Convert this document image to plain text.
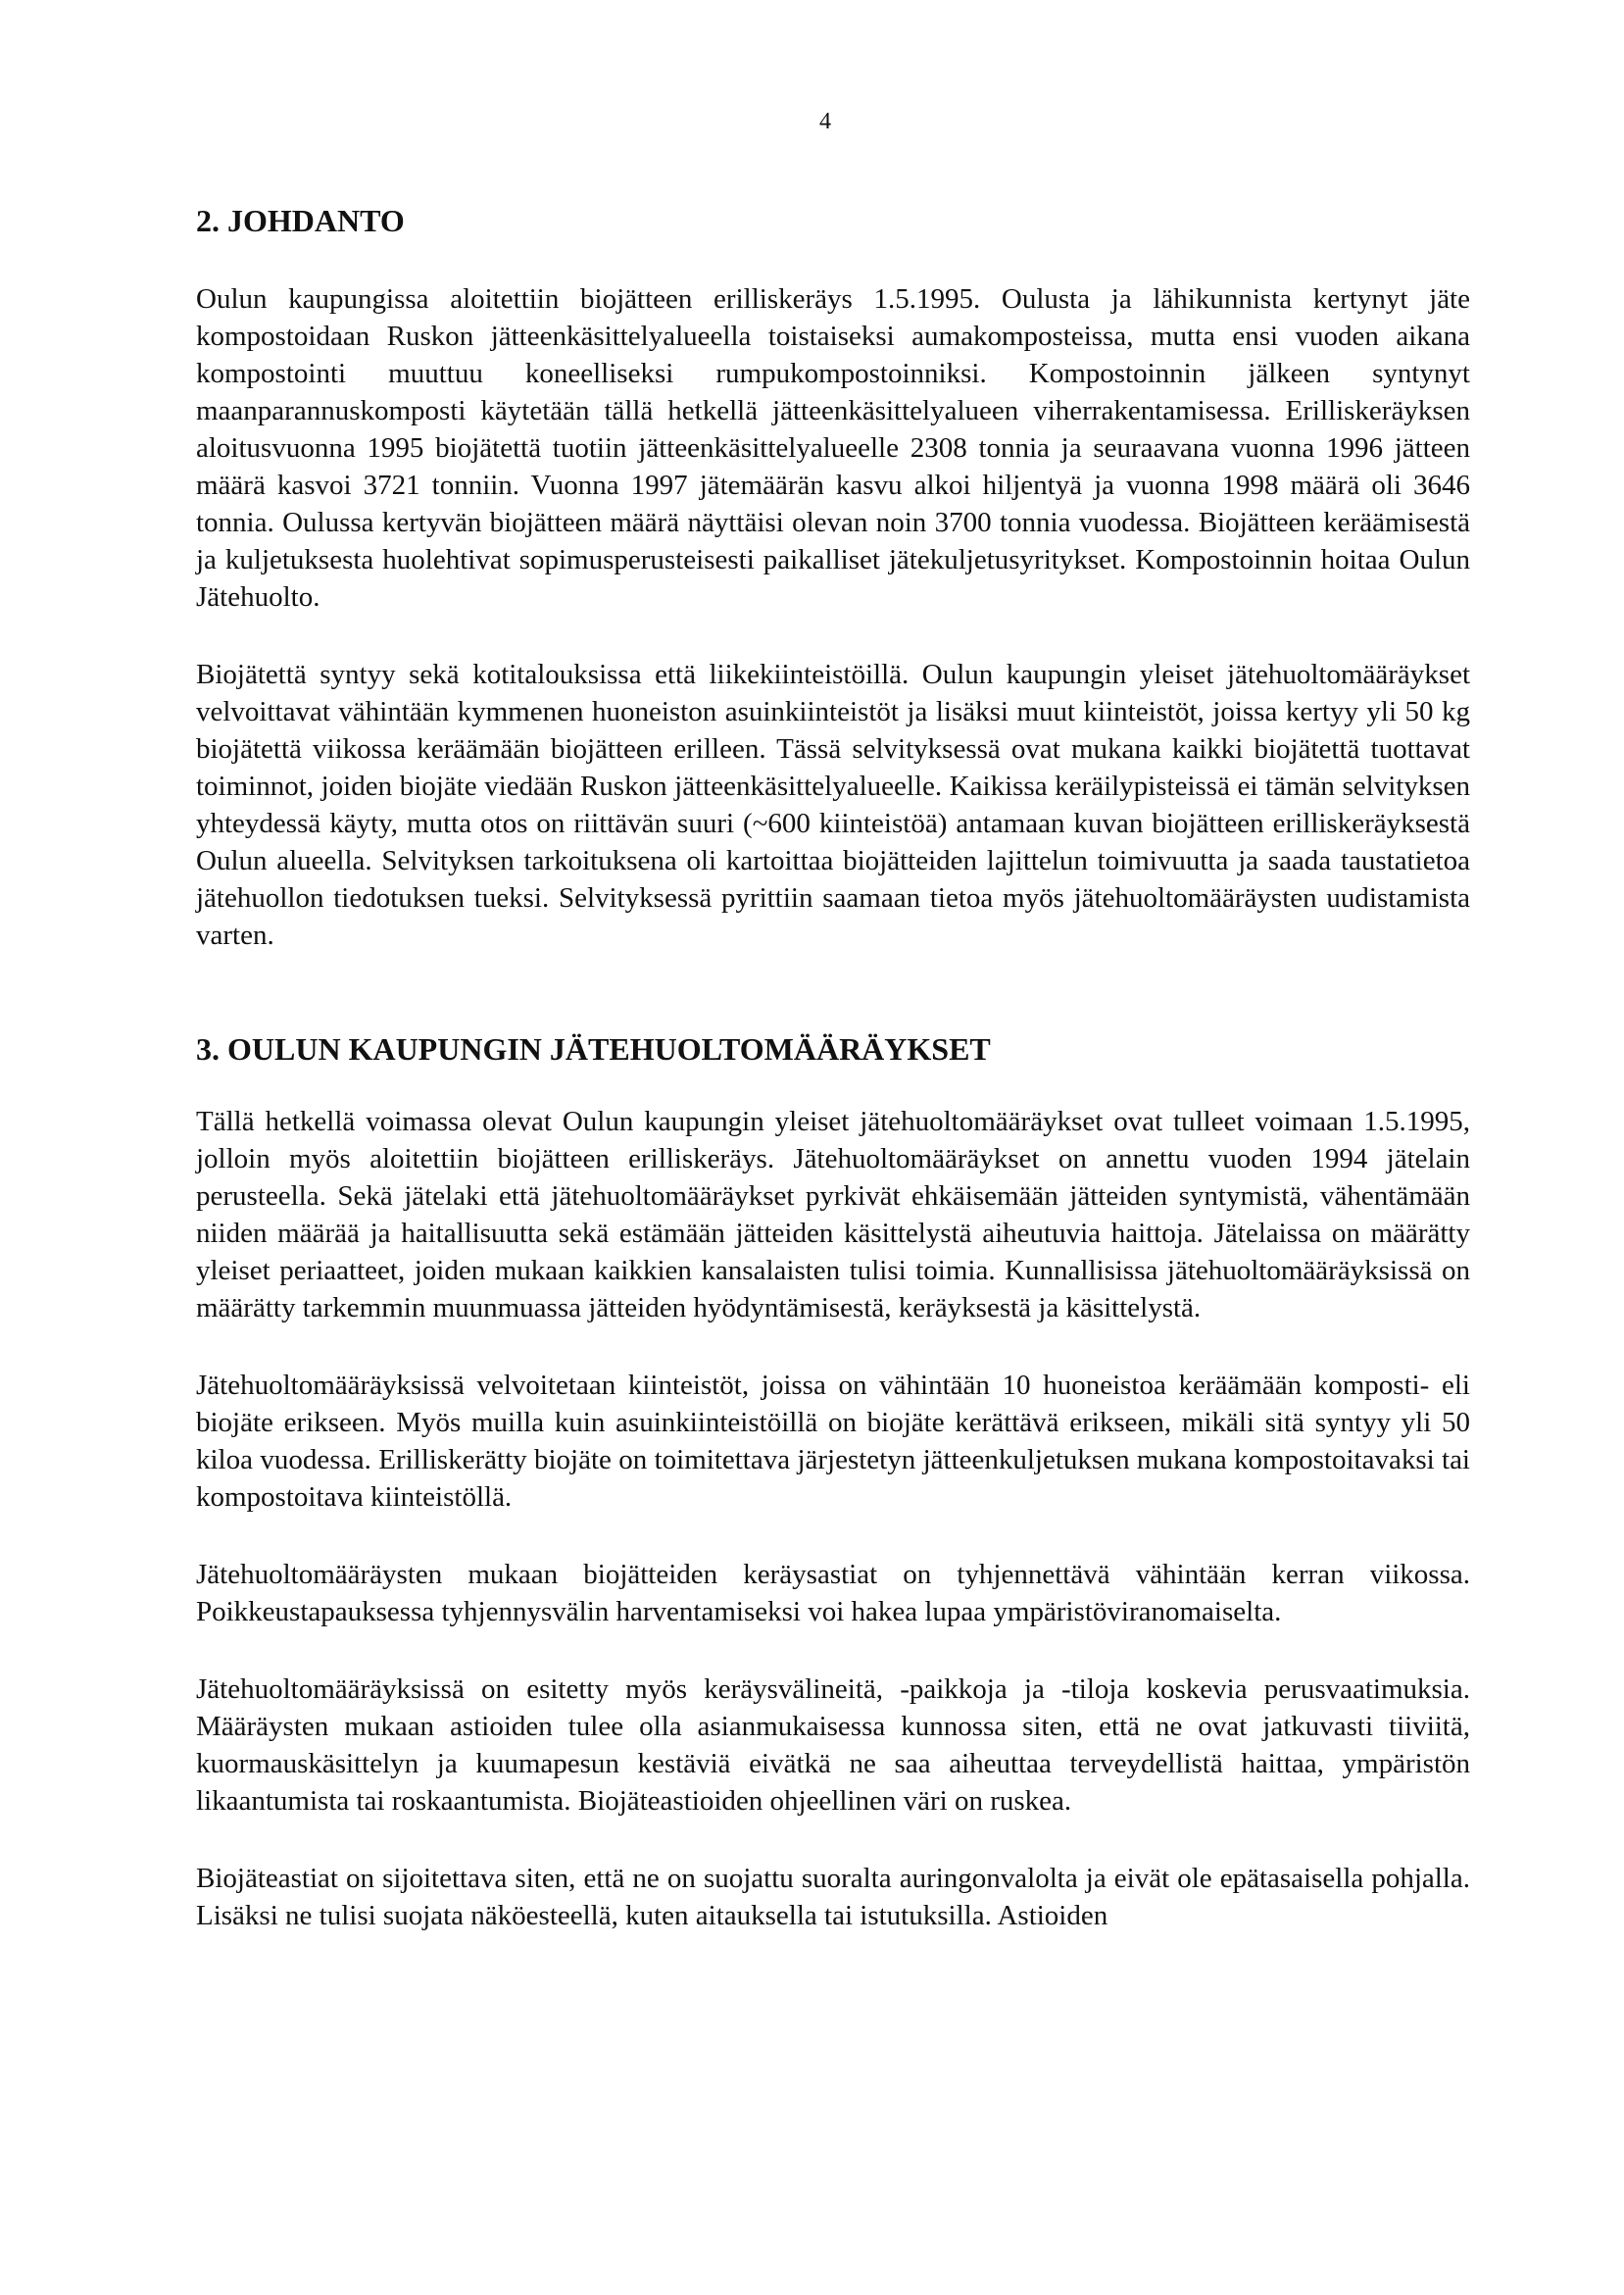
4
2. JOHDANTO

Oulun kaupungissa aloitettiin biojätteen erilliskeräys 1.5.1995. Oulusta ja lähikunnista kertynyt jäte kompostoidaan Ruskon jätteenkäsittelyalueella toistaiseksi aumakomposteissa, mutta ensi vuoden aikana kompostointi muuttuu koneelliseksi rumpukompostoinniksi. Kompostoinnin jälkeen syntynyt maanparannuskomposti käytetään tällä hetkellä jätteenkäsittelyalueen viherrakentamisessa. Erilliskeräyksen aloitusvuonna 1995 biojätettä tuotiin jätteenkäsittelyalueelle 2308 tonnia ja seuraavana vuonna 1996 jätteen määrä kasvoi 3721 tonniin. Vuonna 1997 jätemäärän kasvu alkoi hiljentyä ja vuonna 1998 määrä oli 3646 tonnia. Oulussa kertyvän biojätteen määrä näyttäisi olevan noin 3700 tonnia vuodessa. Biojätteen keräämisestä ja kuljetuksesta huolehtivat sopimusperusteisesti paikalliset jätekuljetusyritykset. Kompostoinnin hoitaa Oulun Jätehuolto.

Biojätettä syntyy sekä kotitalouksissa että liikekiinteistöillä. Oulun kaupungin yleiset jätehuoltomääräykset velvoittavat vähintään kymmenen huoneiston asuinkiinteistöt ja lisäksi muut kiinteistöt, joissa kertyy yli 50 kg biojätettä viikossa keräämään biojätteen erilleen. Tässä selvityksessä ovat mukana kaikki biojätettä tuottavat toiminnot, joiden biojäte viedään Ruskon jätteenkäsittelyalueelle. Kaikissa keräilypisteissä ei tämän selvityksen yhteydessä käyty, mutta otos on riittävän suuri (~600 kiinteistöä) antamaan kuvan biojätteen erilliskeräyksestä Oulun alueella. Selvityksen tarkoituksena oli kartoittaa biojätteiden lajittelun toimivuutta ja saada taustatietoa jätehuollon tiedotuksen tueksi. Selvityksessä pyrittiin saamaan tietoa myös jätehuoltomääräysten uudistamista varten.

3. OULUN KAUPUNGIN JÄTEHUOLTOMÄÄRÄYKSET

Tällä hetkellä voimassa olevat Oulun kaupungin yleiset jätehuoltomääräykset ovat tulleet voimaan 1.5.1995, jolloin myös aloitettiin biojätteen erilliskeräys. Jätehuoltomääräykset on annettu vuoden 1994 jätelain perusteella. Sekä jätelaki että jätehuoltomääräykset pyrkivät ehkäisemään jätteiden syntymistä, vähentämään niiden määrää ja haitallisuutta sekä estämään jätteiden käsittelystä aiheutuvia haittoja. Jätelaissa on määrätty yleiset periaatteet, joiden mukaan kaikkien kansalaisten tulisi toimia. Kunnallisissa jätehuoltomääräyksissä on määrätty tarkemmin muunmuassa jätteiden hyödyntämisestä, keräyksestä ja käsittelystä.

Jätehuoltomääräyksissä velvoitetaan kiinteistöt, joissa on vähintään 10 huoneistoa keräämään komposti- eli biojäte erikseen. Myös muilla kuin asuinkiinteistöillä on biojäte kerättävä erikseen, mikäli sitä syntyy yli 50 kiloa vuodessa. Erilliskerätty biojäte on toimitettava järjestetyn jätteenkuljetuksen mukana kompostoitavaksi tai kompostoitava kiinteistöllä.

Jätehuoltomääräysten mukaan biojätteiden keräysastiat on tyhjennettävä vähintään kerran viikossa. Poikkeustapauksessa tyhjennysvälin harventamiseksi voi hakea lupaa ympäristöviranomaiselta.

Jätehuoltomääräyksissä on esitetty myös keräysvälineitä, -paikkoja ja -tiloja koskevia perusvaatimuksia. Määräysten mukaan astioiden tulee olla asianmukaisessa kunnossa siten, että ne ovat jatkuvasti tiiviitä, kuormauskäsittelyn ja kuumapesun kestäviä eivätkä ne saa aiheuttaa terveydellistä haittaa, ympäristön likaantumista tai roskaantumista. Biojäteastioiden ohjeellinen väri on ruskea.

Biojäteastiat on sijoitettava siten, että ne on suojattu suoralta auringonvalolta ja eivät ole epätasaisella pohjalla. Lisäksi ne tulisi suojata näköesteellä, kuten aitauksella tai istutuksilla. Astioiden
